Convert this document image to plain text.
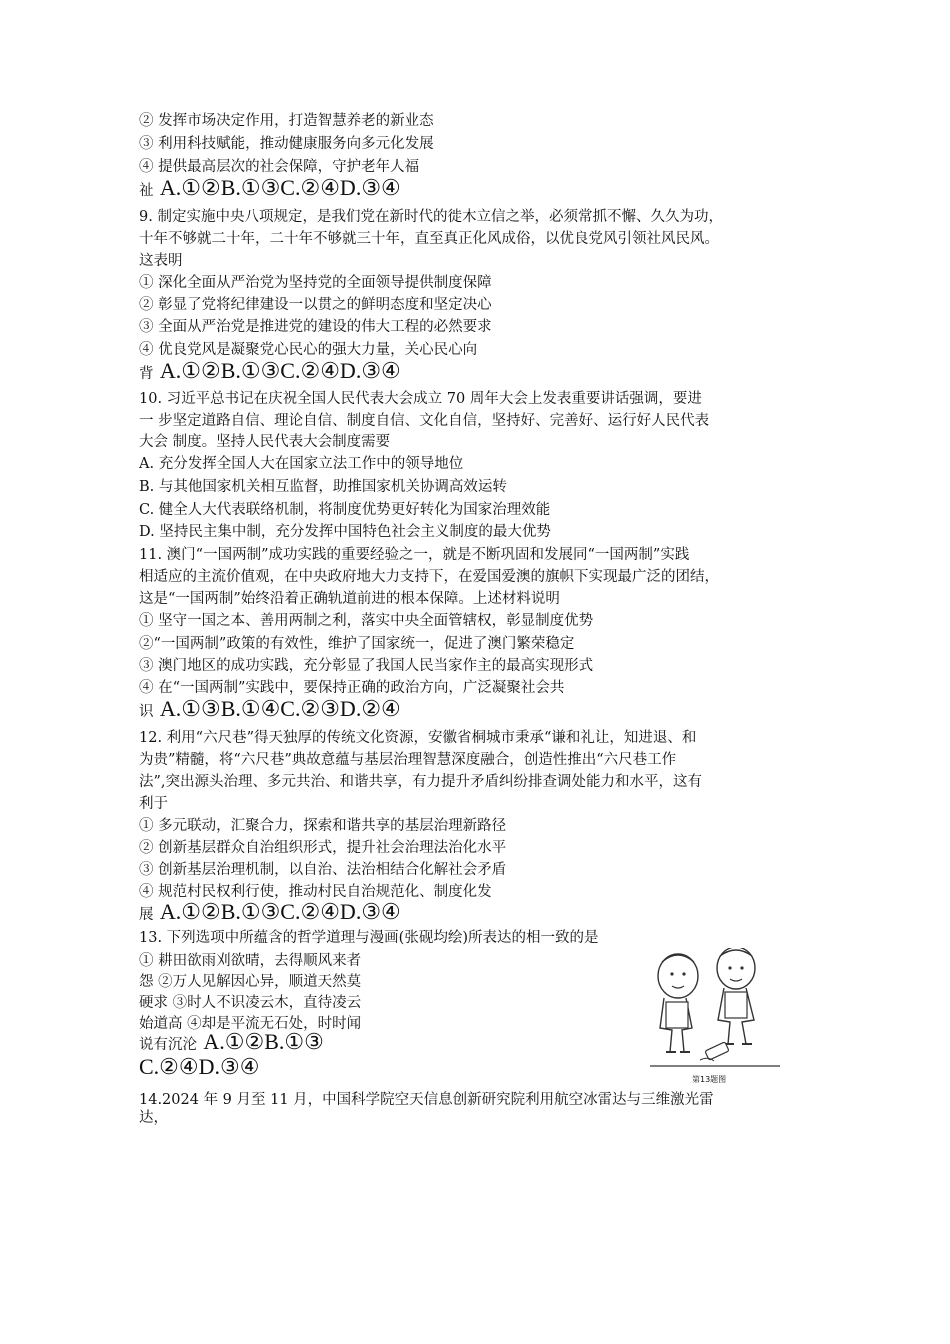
② 发挥市场决定作用，打造智慧养老的新业态
③ 利用科技赋能，推动健康服务向多元化发展
④ 提供最高层次的社会保障，守护老年人福
祉 A.①②B.①③C.②④D.③④
9. 制定实施中央八项规定，是我们党在新时代的徙木立信之举，必须常抓不懈、久久为功，
十年不够就二十年，二十年不够就三十年，直至真正化风成俗，以优良党风引领社风民风。
这表明
① 深化全面从严治党为坚持党的全面领导提供制度保障
② 彰显了党将纪律建设一以贯之的鲜明态度和坚定决心
③ 全面从严治党是推进党的建设的伟大工程的必然要求
④ 优良党风是凝聚党心民心的强大力量，关心民心向
背 A.①②B.①③C.②④D.③④
10. 习近平总书记在庆祝全国人民代表大会成立 70 周年大会上发表重要讲话强调，要进
一 步坚定道路自信、理论自信、制度自信、文化自信，坚持好、完善好、运行好人民代表
大会 制度。坚持人民代表大会制度需要
A. 充分发挥全国人大在国家立法工作中的领导地位
B. 与其他国家机关相互监督，助推国家机关协调高效运转
C. 健全人大代表联络机制，将制度优势更好转化为国家治理效能
D. 坚持民主集中制，充分发挥中国特色社会主义制度的最大优势
11. 澳门“一国两制”成功实践的重要经验之一，就是不断巩固和发展同“一国两制”实践
相适应的主流价值观，在中央政府地大力支持下，在爱国爱澳的旗帜下实现最广泛的团结，
这是“一国两制”始终沿着正确轨道前进的根本保障。上述材料说明
① 坚守一国之本、善用两制之利，落实中央全面管辖权，彰显制度优势
②“一国两制”政策的有效性，维护了国家统一，促进了澳门繁荣稳定
③ 澳门地区的成功实践，充分彰显了我国人民当家作主的最高实现形式
④ 在“一国两制”实践中，要保持正确的政治方向，广泛凝聚社会共
识 A.①③B.①④C.②③D.②④
12. 利用“六尺巷”得天独厚的传统文化资源，安徽省桐城市秉承“谦和礼让，知进退、和
为贵”精髓，将“六尺巷”典故意蕴与基层治理智慧深度融合，创造性推出“六尺巷工作
法”,突出源头治理、多元共治、和谐共享，有力提升矛盾纠纷排查调处能力和水平，这有
利于
① 多元联动，汇聚合力，探索和谐共享的基层治理新路径
② 创新基层群众自治组织形式，提升社会治理法治化水平
③ 创新基层治理机制，以自治、法治相结合化解社会矛盾
④ 规范村民权利行使，推动村民自治规范化、制度化发
展 A.①②B.①③C.②④D.③④
13. 下列选项中所蕴含的哲学道理与漫画(张砚均绘)所表达的相一致的是
① 耕田欲雨刈欲晴，去得顺风来者
怨 ②万人见解因心异，顺道天然莫
硬求 ③时人不识凌云木，直待凌云
始道高 ④却是平流无石处，时时闻
说有沉沦 A.①②B.①③
C.②④D.③④
第13题图
14.2024 年 9 月至 11 月，中国科学院空天信息创新研究院利用航空冰雷达与三维激光雷
达，
